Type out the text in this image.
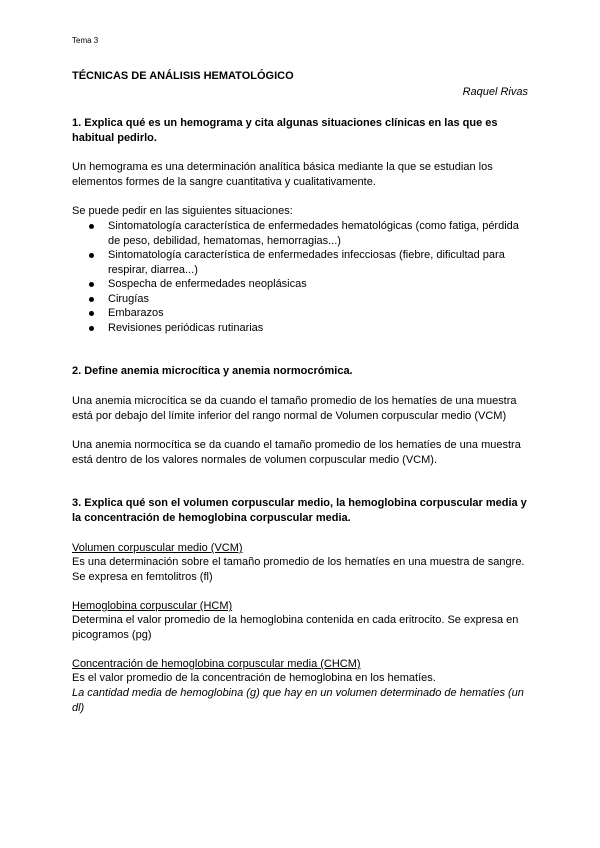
Tema 3
TÉCNICAS DE ANÁLISIS HEMATOLÓGICO
Raquel Rivas
1. Explica qué es un hemograma y cita algunas situaciones clínicas en las que es habitual pedirlo.
Un hemograma es una determinación analítica básica mediante la que se estudian los elementos formes de la sangre cuantitativa y cualitativamente.
Se puede pedir en las siguientes situaciones:
Sintomatología característica de enfermedades hematológicas (como fatiga, pérdida de peso, debilidad, hematomas, hemorragias...)
Sintomatología característica de enfermedades infecciosas (fiebre, dificultad para respirar, diarrea...)
Sospecha de enfermedades neoplásicas
Cirugías
Embarazos
Revisiones periódicas rutinarias
2. Define anemia microcítica y anemia normocrómica.
Una anemia microcítica se da cuando el tamaño promedio de los hematíes de una muestra está por debajo del límite inferior del rango normal de Volumen corpuscular medio (VCM)
Una anemia normocítica se da cuando el tamaño promedio de los hematíes de una muestra está dentro de los valores normales de volumen corpuscular medio (VCM).
3. Explica qué son el volumen corpuscular medio, la hemoglobina corpuscular media y la concentración de hemoglobina corpuscular media.
Volumen corpuscular medio (VCM)
Es una determinación sobre el tamaño promedio de los hematíes en una muestra de sangre. Se expresa en femtolitros (fl)
Hemoglobina corpuscular (HCM)
Determina el valor promedio de la hemoglobina contenida en cada eritrocito. Se expresa en picogramos (pg)
Concentración de hemoglobina corpuscular media (CHCM)
Es el valor promedio de la concentración de hemoglobina en los hematíes.
La cantidad media de hemoglobina (g) que hay en un volumen determinado de hematíes (un dl)
